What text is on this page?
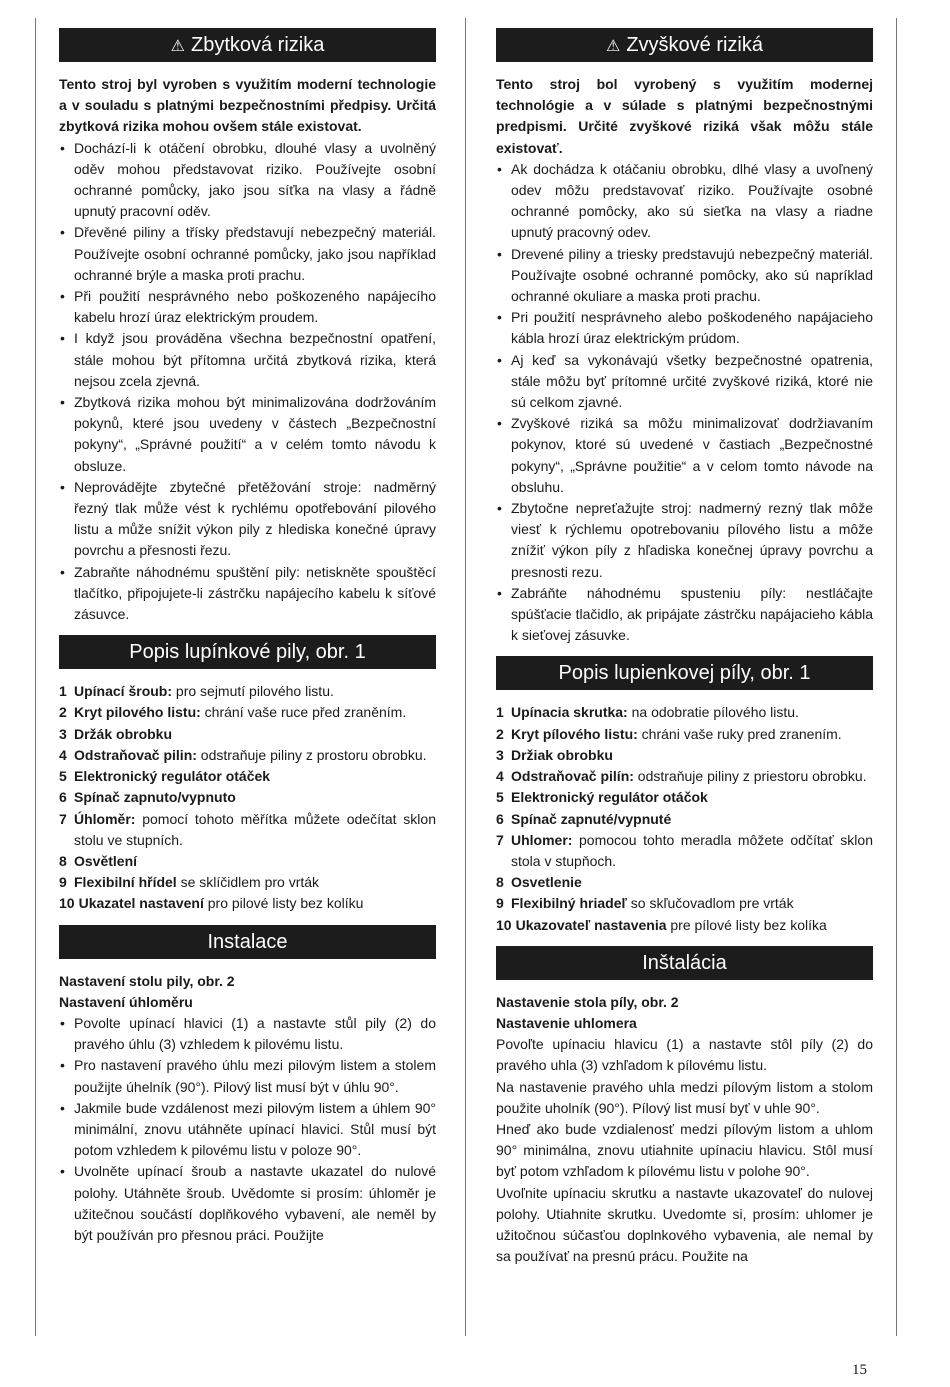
⚠ Zbytková rizika

Tento stroj byl vyroben s využitím moderní technologie a v souladu s platnými bezpečnostními předpisy. Určitá zbytková rizika mohou ovšem stále existovat.

• Dochází-li k otáčení obrobku, dlouhé vlasy a uvolněný oděv mohou představovat riziko. Používejte osobní ochranné pomůcky, jako jsou síťka na vlasy a řádně upnutý pracovní oděv.
• Dřevěné piliny a třísky představují nebezpečný materiál. Používejte osobní ochranné pomůcky, jako jsou například ochranné brýle a maska proti prachu.
• Při použití nesprávného nebo poškozeného napájecího kabelu hrozí úraz elektrickým proudem.
• I když jsou prováděna všechna bezpečnostní opatření, stále mohou být přítomna určitá zbytková rizika, která nejsou zcela zjevná.
• Zbytková rizika mohou být minimalizována dodržováním pokynů, které jsou uvedeny v částech „Bezpečnostní pokyny“, „Správné použití“ a v celém tomto návodu k obsluze.
• Neprovádějte zbytečné přetěžování stroje: nadměrný řezný tlak může vést k rychlému opotřebování pilového listu a může snížit výkon pily z hlediska konečné úpravy povrchu a přesnosti řezu.
• Zabraňte náhodnému spuštění pily: netiskněte spouštěcí tlačítko, připojujete-li zástrčku napájecího kabelu k síťové zásuvce.
Popis lupínkové pily, obr. 1
1 Upínací šroub: pro sejmutí pilového listu.
2 Kryt pilového listu: chrání vaše ruce před zraněním.
3 Držák obrobku
4 Odstraňovač pilin: odstraňuje piliny z prostoru obrobku.
5 Elektronický regulátor otáček
6 Spínač zapnuto/vypnuto
7 Úhloměr: pomocí tohoto měřítka můžete odečítat sklon stolu ve stupních.
8 Osvětlení
9 Flexibilní hřídel se sklíčidlem pro vrták
10 Ukazatel nastavení pro pilové listy bez kolíku
Instalace

Nastavení stolu pily, obr. 2

Nastavení úhloměru

• Povolte upínací hlavici (1) a nastavte stůl pily (2) do pravého úhlu (3) vzhledem k pilovému listu.
• Pro nastavení pravého úhlu mezi pilovým listem a stolem použijte úhelník (90°). Pilový list musí být v úhlu 90°.
• Jakmile bude vzdálenost mezi pilovým listem a úhlem 90° minimální, znovu utáhněte upínací hlavici. Stůl musí být potom vzhledem k pilovému listu v poloze 90°.
• Uvolněte upínací šroub a nastavte ukazatel do nulové polohy. Utáhněte šroub. Uvědomte si prosím: úhloměr je užitečnou součástí doplňkového vybavení, ale neměl by být používán pro přesnou práci. Použijte
⚠ Zvyškové riziká

Tento stroj bol vyrobený s využitím modernej technológie a v súlade s platnými bezpečnostnými predpismi. Určité zvyškové riziká však môžu stále existovať.

• Ak dochádza k otáčaniu obrobku, dlhé vlasy a uvoľnený odev môžu predstavovať riziko. Používajte osobné ochranné pomôcky, ako sú sieťka na vlasy a riadne upnutý pracovný odev.
• Drevené piliny a triesky predstavujú nebezpečný materiál. Používajte osobné ochranné pomôcky, ako sú napríklad ochranné okuliare a maska proti prachu.
• Pri použití nesprávneho alebo poškodeného napájacieho kábla hrozí úraz elektrickým prúdom.
• Aj keď sa vykonávajú všetky bezpečnostné opatrenia, stále môžu byť prítomné určité zvyškové riziká, ktoré nie sú celkom zjavné.
• Zvyškové riziká sa môžu minimalizovať dodržiavaním pokynov, ktoré sú uvedené v častiach „Bezpečnostné pokyny“, „Správne použitie“ a v celom tomto návode na obsluhu.
• Zbytočne nepreťažujte stroj: nadmerný rezný tlak môže viesť k rýchlemu opotrebovaniu pílového listu a môže znížiť výkon píly z hľadiska konečnej úpravy povrchu a presnosti rezu.
• Zabráňte náhodnému spusteniu píly: nestláčajte spúšťacie tlačidlo, ak pripájate zástrčku napájacieho kábla k sieťovej zásuvke.
Popis lupienkovej píly, obr. 1
1 Upínacia skrutka: na odobratie pílového listu.
2 Kryt pílového listu: chráni vaše ruky pred zranením.
3 Držiak obrobku
4 Odstraňovač pilín: odstraňuje piliny z priestoru obrobku.
5 Elektronický regulátor otáčok
6 Spínač zapnuté/vypnuté
7 Uhlomer: pomocou tohto meradla môžete odčítať sklon stola v stupňoch.
8 Osvetlenie
9 Flexibilný hriadeľ so skľučovadlom pre vrták
10 Ukazovateľ nastavenia pre pílové listy bez kolíka
Inštalácia

Nastavenie stola píly, obr. 2

Nastavenie uhlomera

Povoľte upínaciu hlavicu (1) a nastavte stôl píly (2) do pravého uhla (3) vzhľadom k pílovému listu.

Na nastavenie pravého uhla medzi pílovým listom a stolom použite uholník (90°). Pílový list musí byť v uhle 90°.

Hneď ako bude vzdialenosť medzi pílovým listom a uhlom 90° minimálna, znovu utiahnite upínaciu hlavicu. Stôl musí byť potom vzhľadom k pílovému listu v polohe 90°.

Uvoľnite upínaciu skrutku a nastavte ukazovateľ do nulovej polohy. Utiahnite skrutku. Uvedomte si, prosím: uhlomer je užitočnou súčasťou doplnkového vybavenia, ale nemal by sa používať na presnú prácu. Použite na

15
